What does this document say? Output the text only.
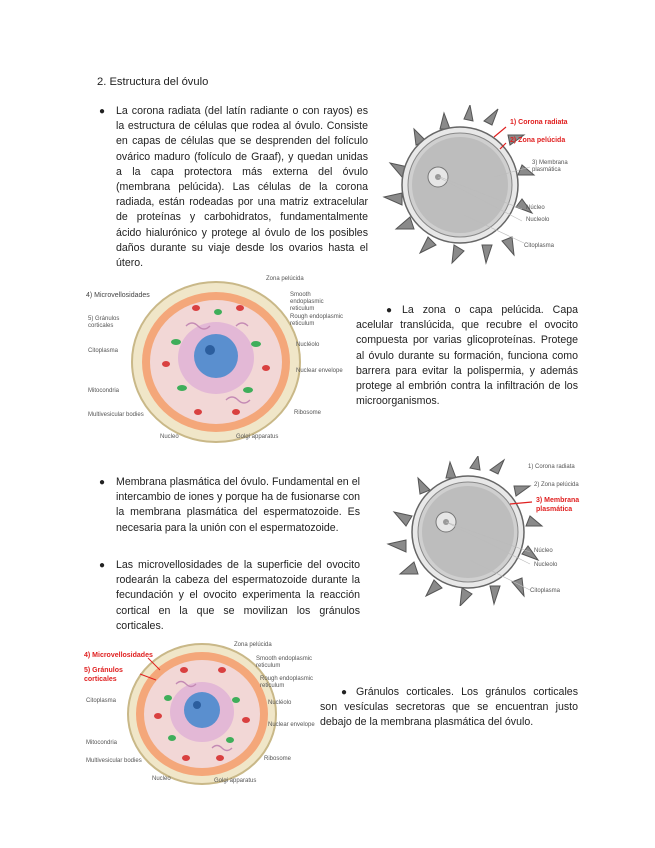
2. Estructura del óvulo
● La corona radiata (del latín radiante o con rayos) es la estructura de células que rodea al óvulo. Consiste en capas de células que se desprenden del folículo ovárico maduro (folículo de Graaf), y quedan unidas a la capa protectora más externa del óvulo (membrana pelúcida). Las células de la corona radiada, están rodeadas por una matriz extracelular de proteínas y carbohidratos, fundamentalmente ácido hialurónico y protege al óvulo de los posibles daños durante su viaje desde los ovarios hasta el útero.
1) Corona radiata
2) Zona pelúcida
3) Membrana plasmática
Núcleo
Nucleolo
Citoplasma
4) Microvellosidades
5) Gránulos corticales
Citoplasma
Mitocondria
Multivesicular bodies
Nucleo
Zona pelúcida
Smooth endoplasmic reticulum
Rough endoplasmic reticulum
Nucléolo
Nuclear envelope
Ribosome
Golgi apparatus
● La zona o capa pelúcida. Capa acelular translúcida, que recubre el ovocito compuesta por varias glicoproteínas. Protege al óvulo durante su formación, funciona como barrera para evitar la polispermia, y además protege al embrión contra la infiltración de los microorganismos.
● Membrana plasmática del óvulo. Fundamental en el intercambio de iones y porque ha de fusionarse con la membrana plasmática del espermatozoide. Es necesaria para la unión con el espermatozoide.
● Las microvellosidades de la superficie del ovocito rodearán la cabeza del espermatozoide durante la fecundación y el ovocito experimenta la reacción cortical en la que se movilizan los gránulos corticales.
1) Corona radiata
2) Zona pelúcida
3) Membrana plasmática
Núcleo
Nucleolo
Citoplasma
4) Microvellosidades
5) Gránulos corticales
Citoplasma
Mitocondria
Multivesicular bodies
Nucleo
Zona pelúcida
Smooth endoplasmic reticulum
Rough endoplasmic reticulum
Nucléolo
Nuclear envelope
Ribosome
Golgi apparatus
● Gránulos corticales. Los gránulos corticales son vesículas secretoras que se encuentran justo debajo de la membrana plasmática del óvulo.
